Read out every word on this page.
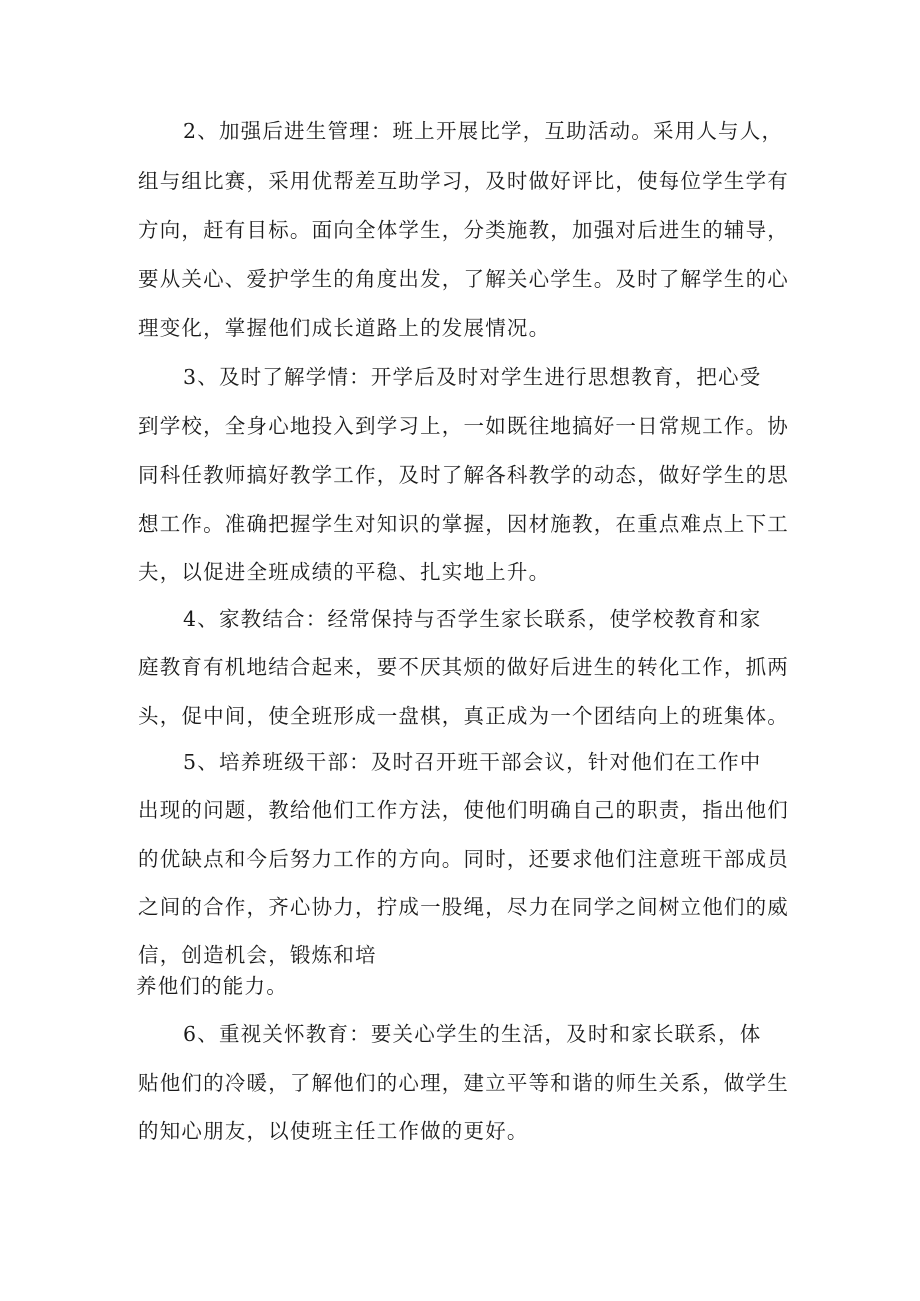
2、加强后进生管理：班上开展比学，互助活动。采用人与人，
组与组比赛，采用优帮差互助学习，及时做好评比，使每位学生学有
方向，赶有目标。面向全体学生，分类施教，加强对后进生的辅导，
要从关心、爱护学生的角度出发，了解关心学生。及时了解学生的心
理变化，掌握他们成长道路上的发展情况。
3、及时了解学情：开学后及时对学生进行思想教育，把心受
到学校，全身心地投入到学习上，一如既往地搞好一日常规工作。协
同科任教师搞好教学工作，及时了解各科教学的动态，做好学生的思
想工作。准确把握学生对知识的掌握，因材施教，在重点难点上下工
夫，以促进全班成绩的平稳、扎实地上升。
4、家教结合：经常保持与否学生家长联系，使学校教育和家
庭教育有机地结合起来，要不厌其烦的做好后进生的转化工作，抓两
头，促中间，使全班形成一盘棋，真正成为一个团结向上的班集体。
5、培养班级干部：及时召开班干部会议，针对他们在工作中
出现的问题，教给他们工作方法，使他们明确自己的职责，指出他们
的优缺点和今后努力工作的方向。同时，还要求他们注意班干部成员
之间的合作，齐心协力，拧成一股绳，尽力在同学之间树立他们的威
信，创造机会，锻炼和培
养他们的能力。
6、重视关怀教育：要关心学生的生活，及时和家长联系，体
贴他们的冷暖，了解他们的心理，建立平等和谐的师生关系，做学生
的知心朋友，以使班主任工作做的更好。
